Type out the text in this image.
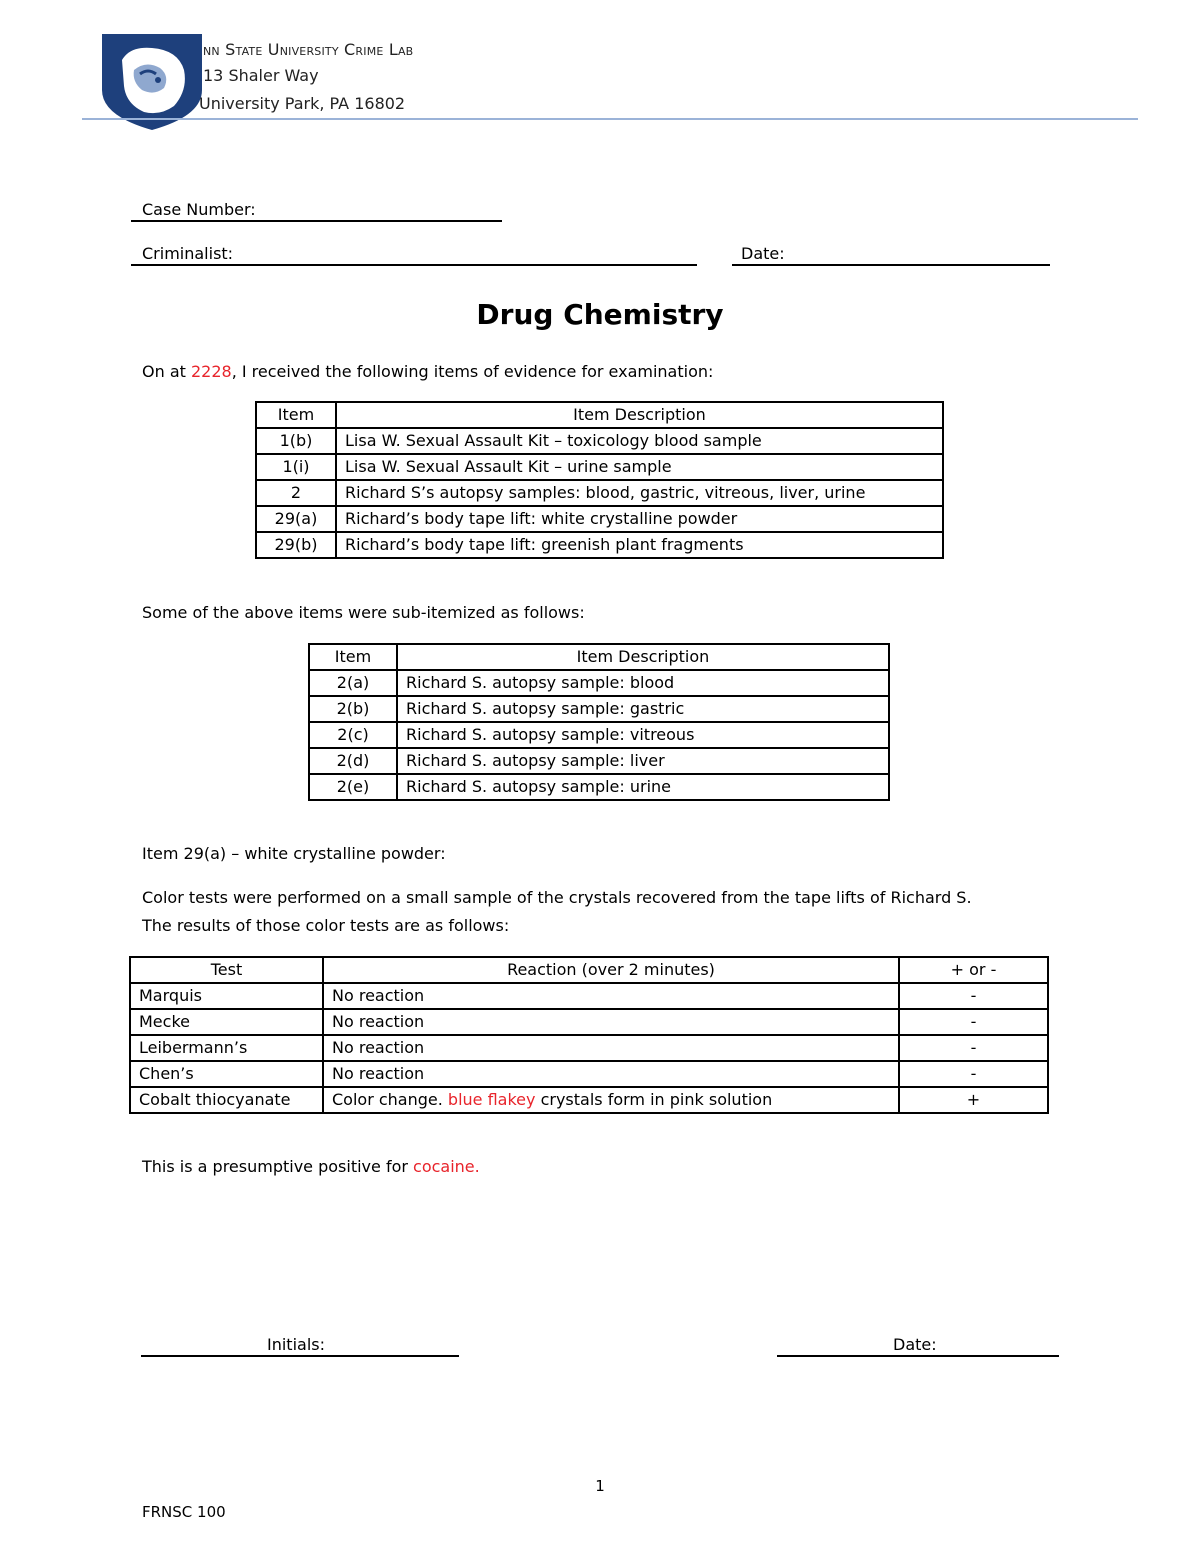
nn State University Crime Lab
13 Shaler Way
University Park, PA 16802
Case Number:
Criminalist:	Date:
Drug Chemistry
On at 2228, I received the following items of evidence for examination:
Item	Item Description
1(b)	Lisa W. Sexual Assault Kit – toxicology blood sample
1(i)	Lisa W. Sexual Assault Kit – urine sample
2	Richard S’s autopsy samples: blood, gastric, vitreous, liver, urine
29(a)	Richard’s body tape lift: white crystalline powder
29(b)	Richard’s body tape lift: greenish plant fragments
Some of the above items were sub-itemized as follows:
Item	Item Description
2(a)	Richard S. autopsy sample: blood
2(b)	Richard S. autopsy sample: gastric
2(c)	Richard S. autopsy sample: vitreous
2(d)	Richard S. autopsy sample: liver
2(e)	Richard S. autopsy sample: urine
Item 29(a) – white crystalline powder:
Color tests were performed on a small sample of the crystals recovered from the tape lifts of Richard S.
The results of those color tests are as follows:
Test	Reaction (over 2 minutes)	+ or -
Marquis	No reaction	-
Mecke	No reaction	-
Leibermann’s	No reaction	-
Chen’s	No reaction	-
Cobalt thiocyanate	Color change. blue flakey crystals form in pink solution	+
This is a presumptive positive for cocaine.
Initials:	Date:
1
FRNSC 100
